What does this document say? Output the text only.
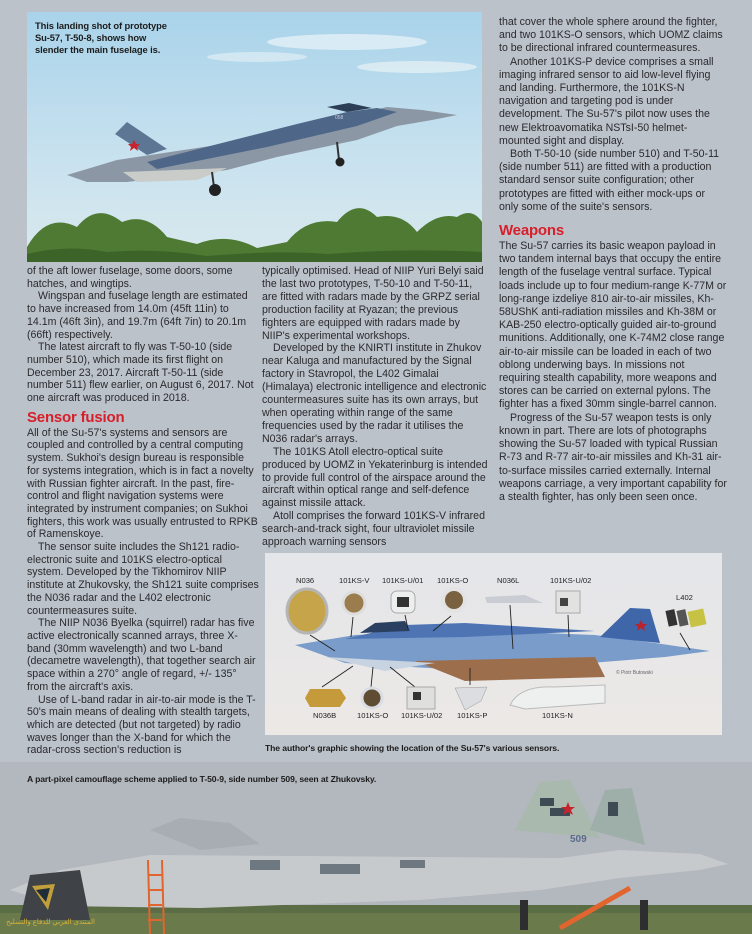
058
This landing shot of prototype
Su-57, T-50-8, shows how
slender the main fuselage is.

of the aft lower fuselage, some doors, some hatches, and wingtips.

Wingspan and fuselage length are estimated to have increased from 14.0m (45ft 11in) to 14.1m (46ft 3in), and 19.7m (64ft 7in) to 20.1m (66ft) respectively.

The latest aircraft to fly was T-50-10 (side number 510), which made its first flight on December 23, 2017. Aircraft T-50-11 (side number 511) flew earlier, on August 6, 2017. Not one aircraft was produced in 2018.

Sensor fusion

All of the Su-57's systems and sensors are coupled and controlled by a central computing system. Sukhoi's design bureau is responsible for systems integration, which is in fact a novelty with Russian fighter aircraft. In the past, fire-control and flight navigation systems were integrated by instrument companies; on Sukhoi fighters, this work was usually entrusted to RPKB of Ramenskoye.

The sensor suite includes the Sh121 radio-electronic suite and 101KS electro-optical system. Developed by the Tikhomirov NIIP institute at Zhukovsky, the Sh121 suite comprises the N036 radar and the L402 electronic countermeasures suite.

The NIIP N036 Byelka (squirrel) radar has five active electronically scanned arrays, three X-band (30mm wavelength) and two L-band (decametre wavelength), that together search air space within a 270° angle of regard, +/- 135° from the aircraft's axis.

Use of L-band radar in air-to-air mode is the T-50's main means of dealing with stealth targets, which are detected (but not targeted) by radio waves longer than the X-band for which the radar-cross section's reduction is

typically optimised. Head of NIIP Yuri Belyi said the last two prototypes, T-50-10 and T-50-11, are fitted with radars made by the GRPZ serial production facility at Ryazan; the previous fighters are equipped with radars made by NIIP's experimental workshops.

Developed by the KNIRTI institute in Zhukov near Kaluga and manufactured by the Signal factory in Stavropol, the L402 Gimalai (Himalaya) electronic intelligence and electronic countermeasures suite has its own arrays, but when operating within range of the same frequencies used by the radar it utilises the N036 radar's arrays.

The 101KS Atoll electro-optical suite produced by UOMZ in Yekaterinburg is intended to provide full control of the airspace around the aircraft within optical range and self-defence against missile attack.

Atoll comprises the forward 101KS-V infrared search-and-track sight, four ultraviolet missile approach warning sensors

that cover the whole sphere around the fighter, and two 101KS-O sensors, which UOMZ claims to be directional infrared countermeasures.

Another 101KS-P device comprises a small imaging infrared sensor to aid low-level flying and landing. Furthermore, the 101KS-N navigation and targeting pod is under development. The Su-57's pilot now uses the new Elektroavomatika NSTsI-50 helmet-mounted sight and display.

Both T-50-10 (side number 510) and T-50-11 (side number 511) are fitted with a production standard sensor suite configuration; other prototypes are fitted with either mock-ups or only some of the suite's sensors.

Weapons

The Su-57 carries its basic weapon payload in two tandem internal bays that occupy the entire length of the fuselage ventral surface. Typical loads include up to four medium-range K-77M or long-range izdeliye 810 air-to-air missiles, Kh-58UShK anti-radiation missiles and Kh-38M or KAB-250 electro-optically guided air-to-ground munitions. Additionally, one K-74M2 close range air-to-air missile can be loaded in each of two oblong underwing bays. In missions not requiring stealth capability, more weapons and stores can be carried on external pylons. The fighter has a fixed 30mm single-barrel cannon.

Progress of the Su-57 weapon tests is only known in part. There are lots of photographs showing the Su-57 loaded with typical Russian R-73 and R-77 air-to-air missiles and Kh-31 air-to-surface missiles carried externally. Internal weapons carriage, a very important capability for a stealth fighter, has only been seen once.

N036	101KS-V 101KS-U/01 101KS-O	N036L	101KS-U/02
L402
N036B	101KS-O 101KS-U/02 101KS-P	101KS-N
© Piotr Butowski
The author's graphic showing the location of the Su-57's various sensors.
509
A part-pixel camouflage scheme applied to T-50-9, side number 509, seen at Zhukovsky.
المنتدى العربي للدفاع والتسليح
